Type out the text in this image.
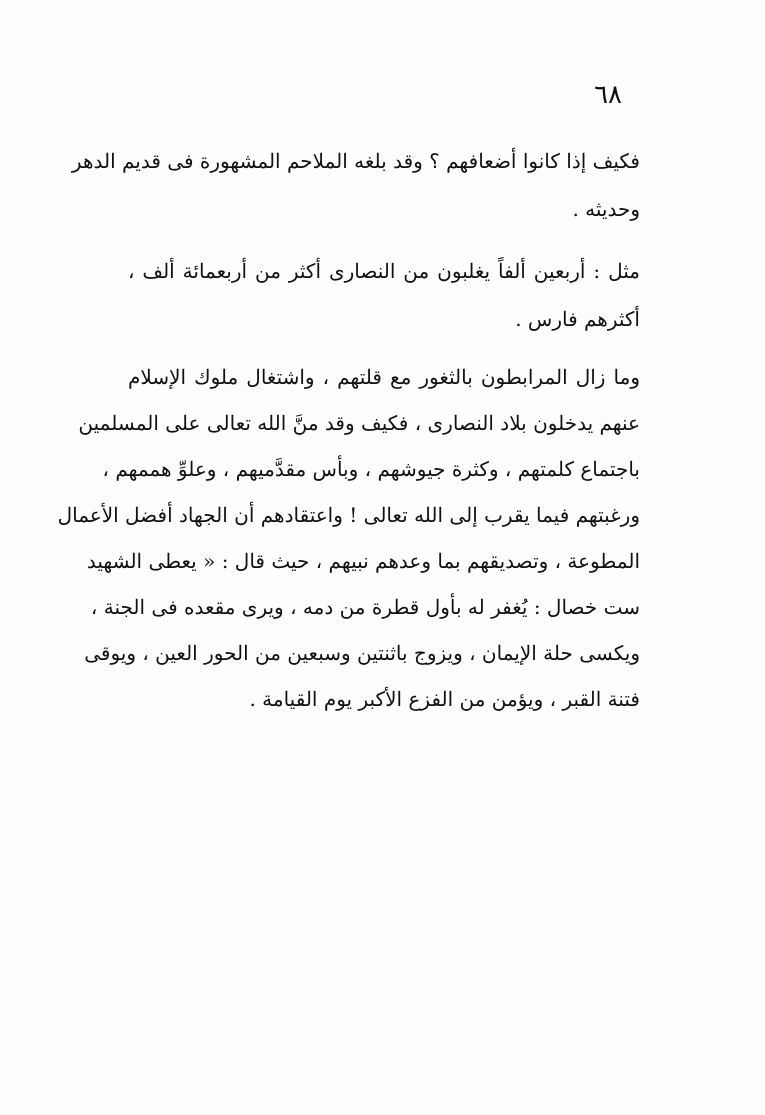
٦٨
فكيف إذا كانوا أضعافهم ؟ وقد بلغه الملاحم المشهورة فى قديم الدهر
وحديثه .
مثل : أربعين ألفاً يغلبون من النصارى أكثر من أربعمائة ألف ،
أكثرهم فارس .
وما زال المرابطون بالثغور مع قلتهم ، واشتغال ملوك الإسلام
عنهم يدخلون بلاد النصارى ، فكيف وقد منَّ الله تعالى على المسلمين
باجتماع كلمتهم ، وكثرة جيوشهم ، وبأس مقدَّميهم ، وعلوِّ هممهم ،
ورغبتهم فيما يقرب إلى الله تعالى ! واعتقادهم أن الجهاد أفضل الأعمال
المطوعة ، وتصديقهم بما وعدهم نبيهم ، حيث قال : « يعطى الشهيد
ست خصال : يُغفر له بأول قطرة من دمه ، ويرى مقعده فى الجنة ،
ويكسى حلة الإيمان ، ويزوج باثنتين وسبعين من الحور العين ، ويوقى
فتنة القبر ، ويؤمن من الفزع الأكبر يوم القيامة .
